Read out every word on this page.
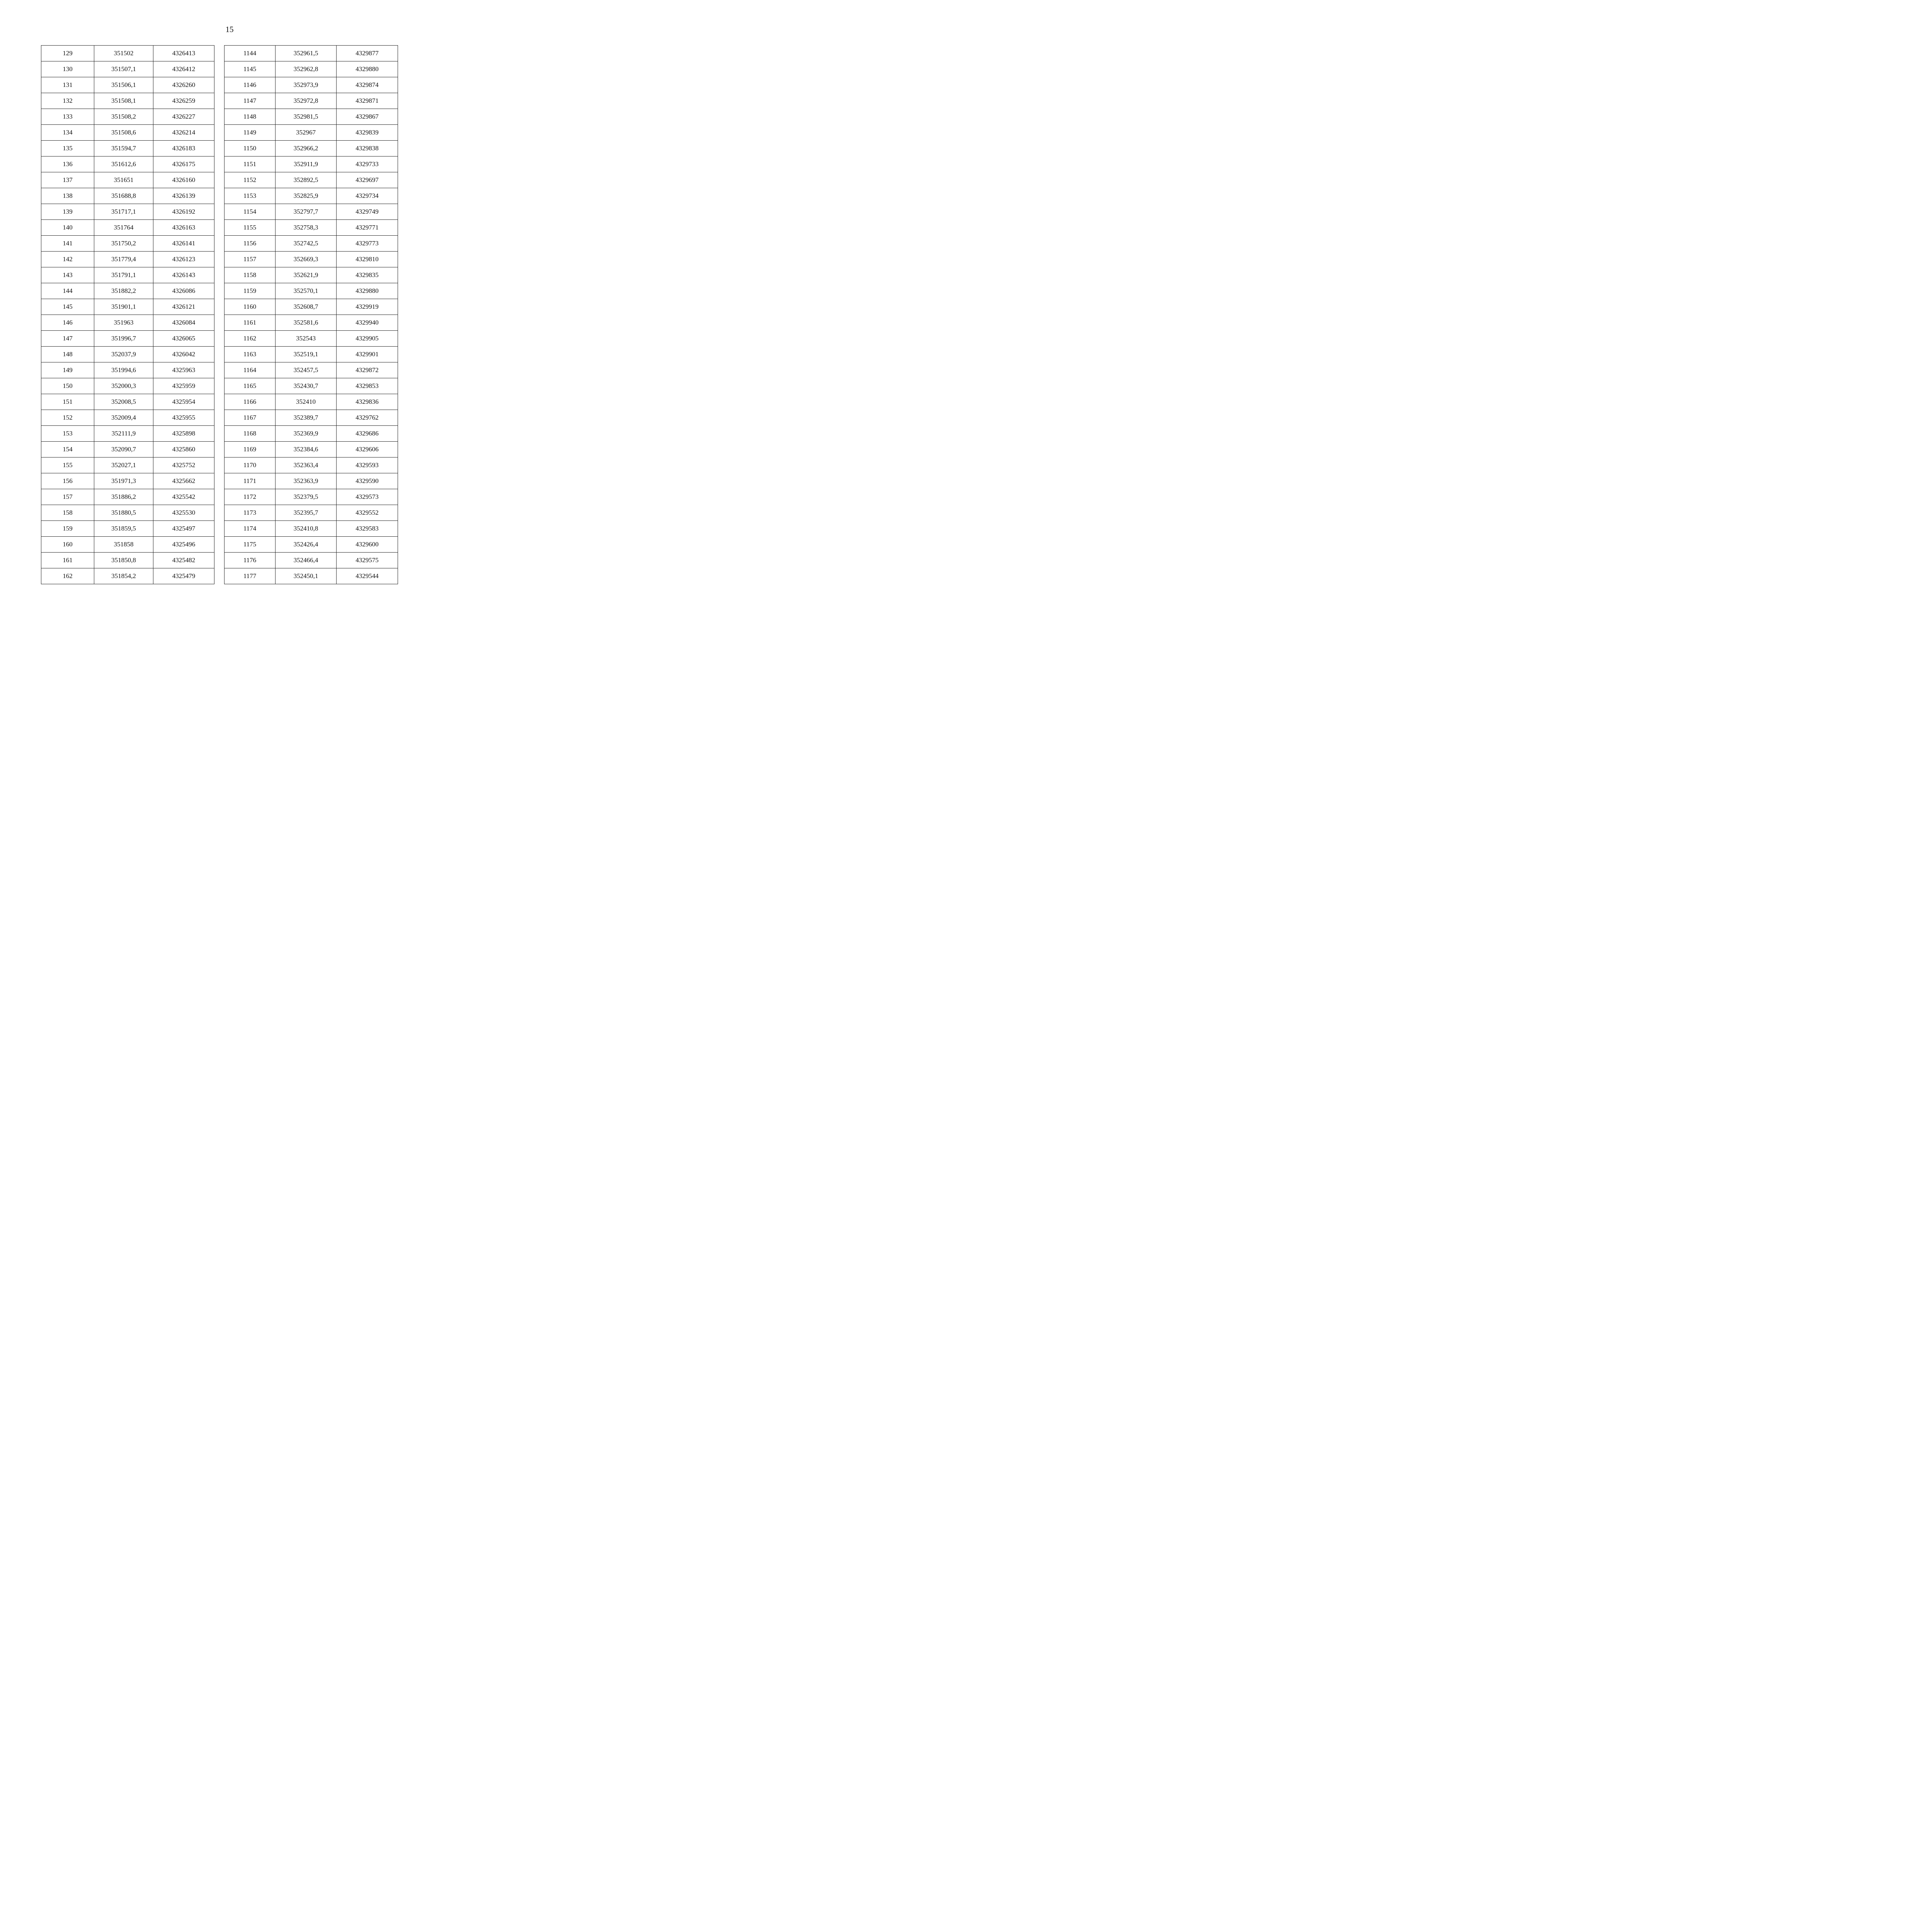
15
129	351502	4326413		1144	352961,5	4329877
130	351507,1	4326412		1145	352962,8	4329880
131	351506,1	4326260		1146	352973,9	4329874
132	351508,1	4326259		1147	352972,8	4329871
133	351508,2	4326227		1148	352981,5	4329867
134	351508,6	4326214		1149	352967	4329839
135	351594,7	4326183		1150	352966,2	4329838
136	351612,6	4326175		1151	352911,9	4329733
137	351651	4326160		1152	352892,5	4329697
138	351688,8	4326139		1153	352825,9	4329734
139	351717,1	4326192		1154	352797,7	4329749
140	351764	4326163		1155	352758,3	4329771
141	351750,2	4326141		1156	352742,5	4329773
142	351779,4	4326123		1157	352669,3	4329810
143	351791,1	4326143		1158	352621,9	4329835
144	351882,2	4326086		1159	352570,1	4329880
145	351901,1	4326121		1160	352608,7	4329919
146	351963	4326084		1161	352581,6	4329940
147	351996,7	4326065		1162	352543	4329905
148	352037,9	4326042		1163	352519,1	4329901
149	351994,6	4325963		1164	352457,5	4329872
150	352000,3	4325959		1165	352430,7	4329853
151	352008,5	4325954		1166	352410	4329836
152	352009,4	4325955		1167	352389,7	4329762
153	352111,9	4325898		1168	352369,9	4329686
154	352090,7	4325860		1169	352384,6	4329606
155	352027,1	4325752		1170	352363,4	4329593
156	351971,3	4325662		1171	352363,9	4329590
157	351886,2	4325542		1172	352379,5	4329573
158	351880,5	4325530		1173	352395,7	4329552
159	351859,5	4325497		1174	352410,8	4329583
160	351858	4325496		1175	352426,4	4329600
161	351850,8	4325482		1176	352466,4	4329575
162	351854,2	4325479		1177	352450,1	4329544
